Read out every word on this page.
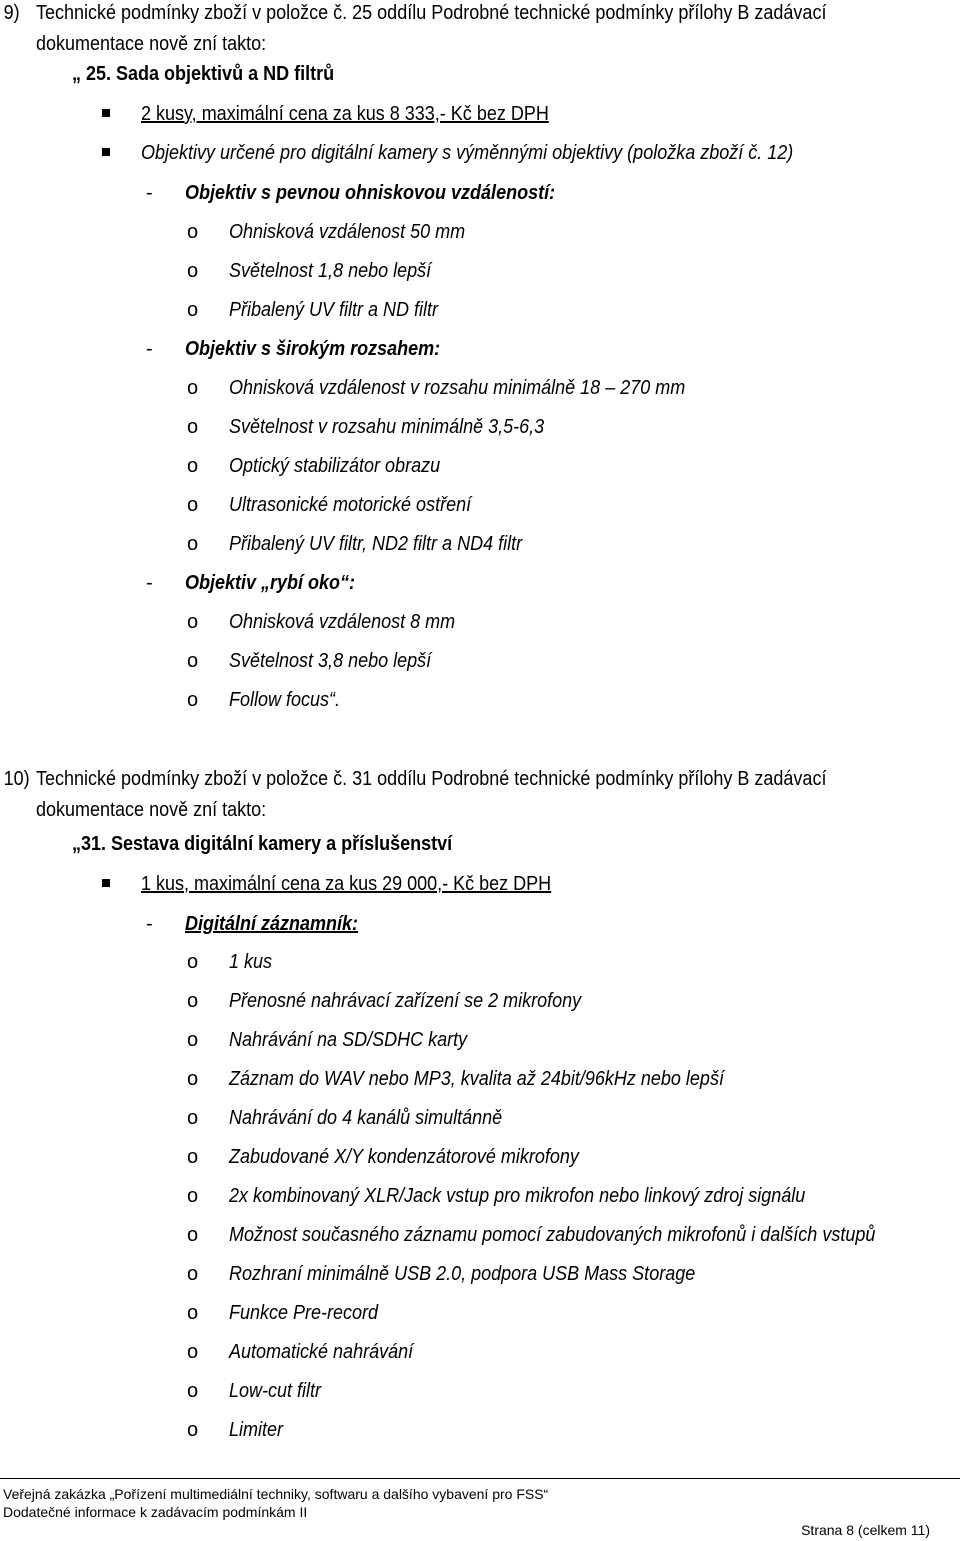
9) Technické podmínky zboží v položce č. 25 oddílu Podrobné technické podmínky přílohy B zadávací
dokumentace nově zní takto:
„ 25. Sada objektivů a ND filtrů
2 kusy, maximální cena za kus 8 333,- Kč bez DPH
Objektivy určené pro digitální kamery s výměnnými objektivy (položka zboží č. 12)
- Objektiv s pevnou ohniskovou vzdáleností:
o Ohnisková vzdálenost 50 mm
o Světelnost 1,8 nebo lepší
o Přibalený UV filtr a ND filtr
- Objektiv s širokým rozsahem:
o Ohnisková vzdálenost v rozsahu minimálně 18 – 270 mm
o Světelnost v rozsahu minimálně 3,5-6,3
o Optický stabilizátor obrazu
o Ultrasonické motorické ostření
o Přibalený UV filtr, ND2 filtr a ND4 filtr
- Objektiv „rybí oko“:
o Ohnisková vzdálenost 8 mm
o Světelnost 3,8 nebo lepší
o Follow focus“.
10) Technické podmínky zboží v položce č. 31 oddílu Podrobné technické podmínky přílohy B zadávací
dokumentace nově zní takto:
„31. Sestava digitální kamery a příslušenství
1 kus, maximální cena za kus 29 000,- Kč bez DPH
- Digitální záznamník:
o 1 kus
o Přenosné nahrávací zařízení se 2 mikrofony
o Nahrávání na SD/SDHC karty
o Záznam do WAV nebo MP3, kvalita až 24bit/96kHz nebo lepší
o Nahrávání do 4 kanálů simultánně
o Zabudované X/Y kondenzátorové mikrofony
o 2x kombinovaný XLR/Jack vstup pro mikrofon nebo linkový zdroj signálu
o Možnost současného záznamu pomocí zabudovaných mikrofonů i dalších vstupů
o Rozhraní minimálně USB 2.0, podpora USB Mass Storage
o Funkce Pre-record
o Automatické nahrávání
o Low-cut filtr
o Limiter
Veřejná zakázka „Pořízení multimediální techniky, softwaru a dalšího vybavení pro FSS“
Dodatečné informace k zadávacím podmínkám II
Strana 8 (celkem 11)
